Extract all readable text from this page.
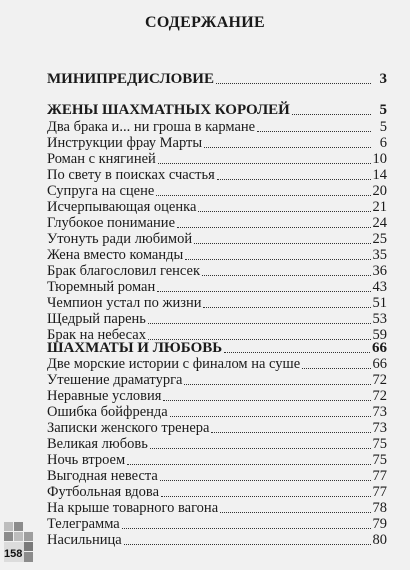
СОДЕРЖАНИЕ
МИНИПРЕДИСЛОВИЕ	3
ЖЕНЫ ШАХМАТНЫХ КОРОЛЕЙ	5
Два брака и... ни гроша в кармане	5
Инструкции фрау Марты	6
Роман с княгиней	10
По свету в поисках счастья	14
Супруга на сцене	20
Исчерпывающая оценка	21
Глубокое понимание	24
Утонуть ради любимой	25
Жена вместо команды	35
Брак благословил генсек	36
Тюремный роман	43
Чемпион устал по жизни	51
Щедрый парень	53
Брак на небесах	59
ШАХМАТЫ И ЛЮБОВЬ	66
Две морские истории с финалом на суше	66
Утешение драматурга	72
Неравные условия	72
Ошибка бойфренда	73
Записки женского тренера	73
Великая любовь	75
Ночь втроем	75
Выгодная невеста	77
Футбольная вдова	77
На крыше товарного вагона	78
Телеграмма	79
Насильница	80
158
